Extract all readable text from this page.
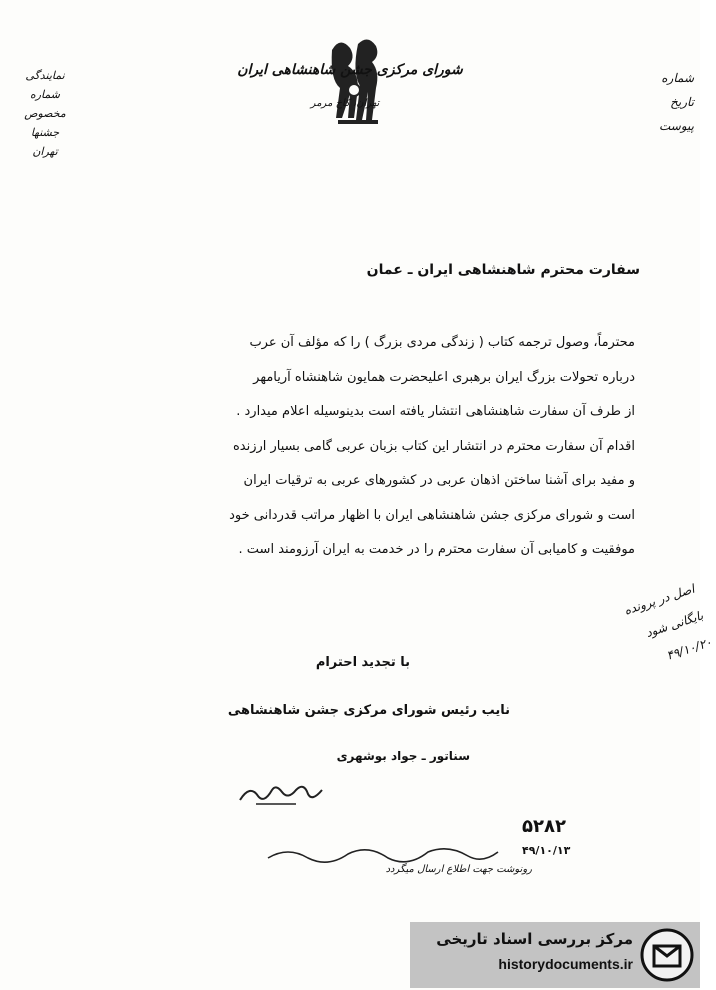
نمایندگی شماره
مخصوص جشنها
تهران
شورای مرکزی جشن شاهنشاهی ایران
تهران، کاخ مرمر
شماره
تاریخ
پیوست
سفارت محترم شاهنشاهی ایران ـ عمان

محترماً، وصول ترجمه کتاب ( زندگی مردی بزرگ ) را که مؤلف آن عرب

درباره تحولات بزرگ ایران برهبری اعلیحضرت همایون شاهنشاه آریامهر

از طرف آن سفارت شاهنشاهی انتشار یافته است بدینوسیله اعلام میدارد .

اقدام آن سفارت محترم در انتشار این کتاب بزبان عربی گامی بسیار ارزنده

و مفید برای آشنا ساختن اذهان عربی در کشورهای عربی به ترقیات ایران

است و شورای مرکزی جشن شاهنشاهی ایران با اظهار مراتب قدردانی خود

موفقیت و کامیابی آن سفارت محترم را در خدمت به ایران آرزومند است .

با تجدید احترام
نایب رئیس شورای مرکزی جشن شاهنشاهی
سناتور ـ جواد بوشهری
اصل در پرونده
بایگانی شود
۴۹/۱۰/۲۰
۵۲۸۲
۴۹/۱۰/۱۳
رونوشت جهت اطلاع ارسال میگردد
مرکز بررسی اسناد تاریخی
historydocuments.ir
